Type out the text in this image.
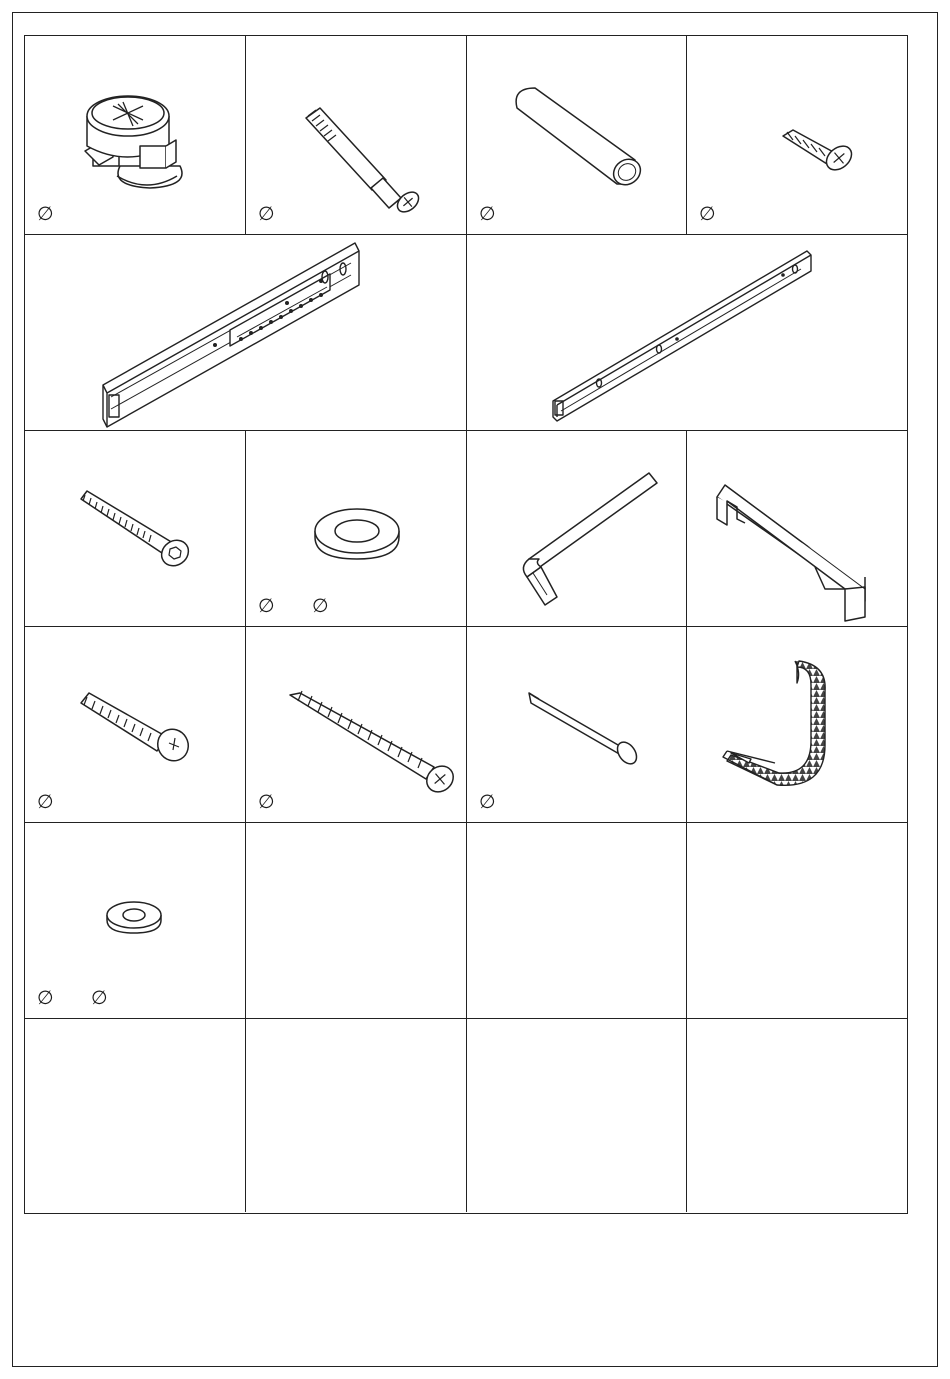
∅	∅	∅	∅
∅ ∅
∅	∅	∅
∅ ∅
